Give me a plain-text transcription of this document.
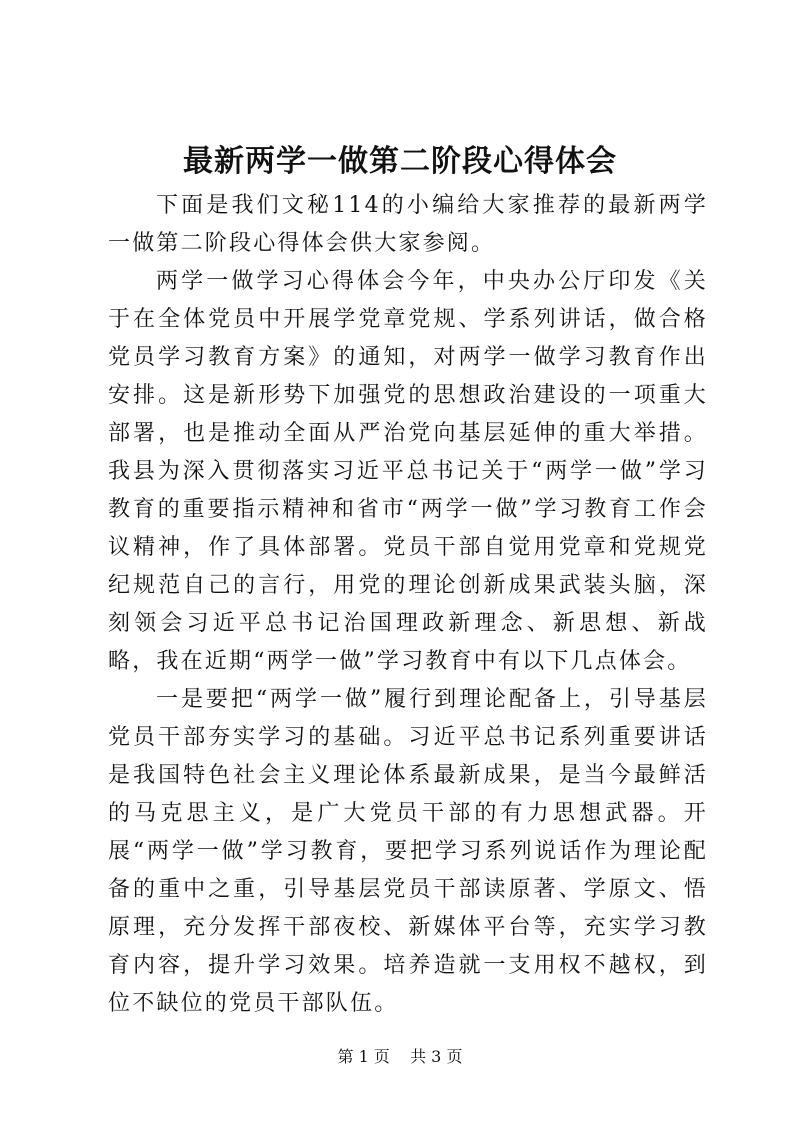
最新两学一做第二阶段心得体会

下面是我们文秘114的小编给大家推荐的最新两学一做第二阶段心得体会供大家参阅。

两学一做学习心得体会今年，中央办公厅印发《关于在全体党员中开展学党章党规、学系列讲话，做合格党员学习教育方案》的通知，对两学一做学习教育作出安排。这是新形势下加强党的思想政治建设的一项重大部署，也是推动全面从严治党向基层延伸的重大举措。我县为深入贯彻落实习近平总书记关于“两学一做”学习教育的重要指示精神和省市“两学一做”学习教育工作会议精神，作了具体部署。党员干部自觉用党章和党规党纪规范自己的言行，用党的理论创新成果武装头脑，深刻领会习近平总书记治国理政新理念、新思想、新战略，我在近期“两学一做”学习教育中有以下几点体会。

一是要把“两学一做”履行到理论配备上，引导基层党员干部夯实学习的基础。习近平总书记系列重要讲话是我国特色社会主义理论体系最新成果，是当今最鲜活的马克思主义，是广大党员干部的有力思想武器。开展“两学一做”学习教育，要把学习系列说话作为理论配备的重中之重，引导基层党员干部读原著、学原文、悟原理，充分发挥干部夜校、新媒体平台等，充实学习教育内容，提升学习效果。培养造就一支用权不越权，到位不缺位的党员干部队伍。

第 1 页 共 3 页
